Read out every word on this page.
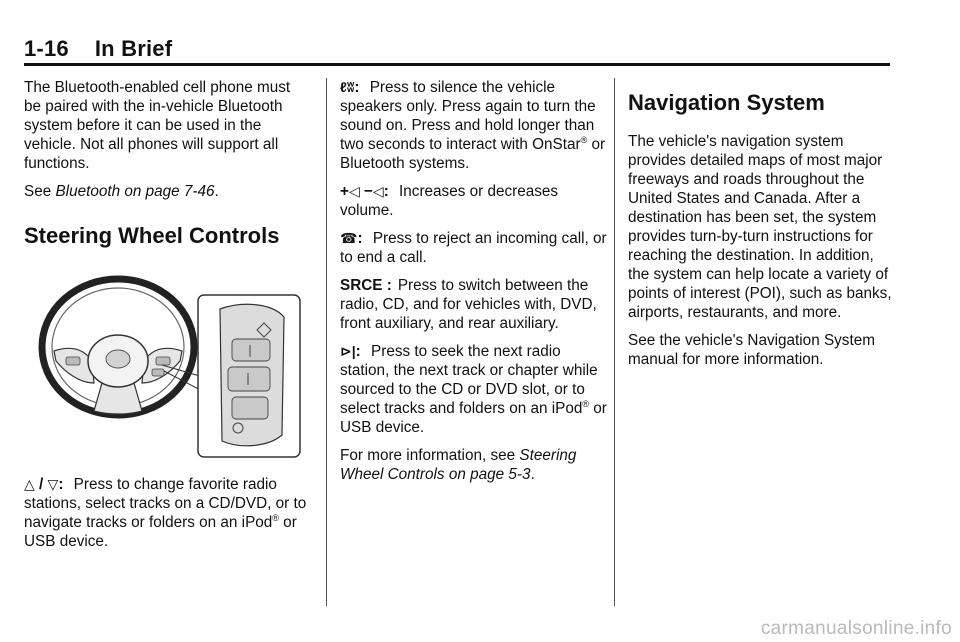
1-16 In Brief

The Bluetooth-enabled cell phone must be paired with the in-vehicle Bluetooth system before it can be used in the vehicle. Not all phones will support all functions.

See Bluetooth on page 7-46.

Steering Wheel Controls

△ / ▽: Press to change favorite radio stations, select tracks on a CD/DVD, or to navigate tracks or folders on an iPod® or USB device.

ℓʬ: Press to silence the vehicle speakers only. Press again to turn the sound on. Press and hold longer than two seconds to interact with OnStar® or Bluetooth systems.

+◁ −◁: Increases or decreases volume.

☎: Press to reject an incoming call, or to end a call.

SRCE : Press to switch between the radio, CD, and for vehicles with, DVD, front auxiliary, and rear auxiliary.

⊳|: Press to seek the next radio station, the next track or chapter while sourced to the CD or DVD slot, or to select tracks and folders on an iPod® or USB device.

For more information, see Steering Wheel Controls on page 5-3.

Navigation System

The vehicle's navigation system provides detailed maps of most major freeways and roads throughout the United States and Canada. After a destination has been set, the system provides turn-by-turn instructions for reaching the destination. In addition, the system can help locate a variety of points of interest (POI), such as banks, airports, restaurants, and more.

See the vehicle's Navigation System manual for more information.

carmanualsonline.info
